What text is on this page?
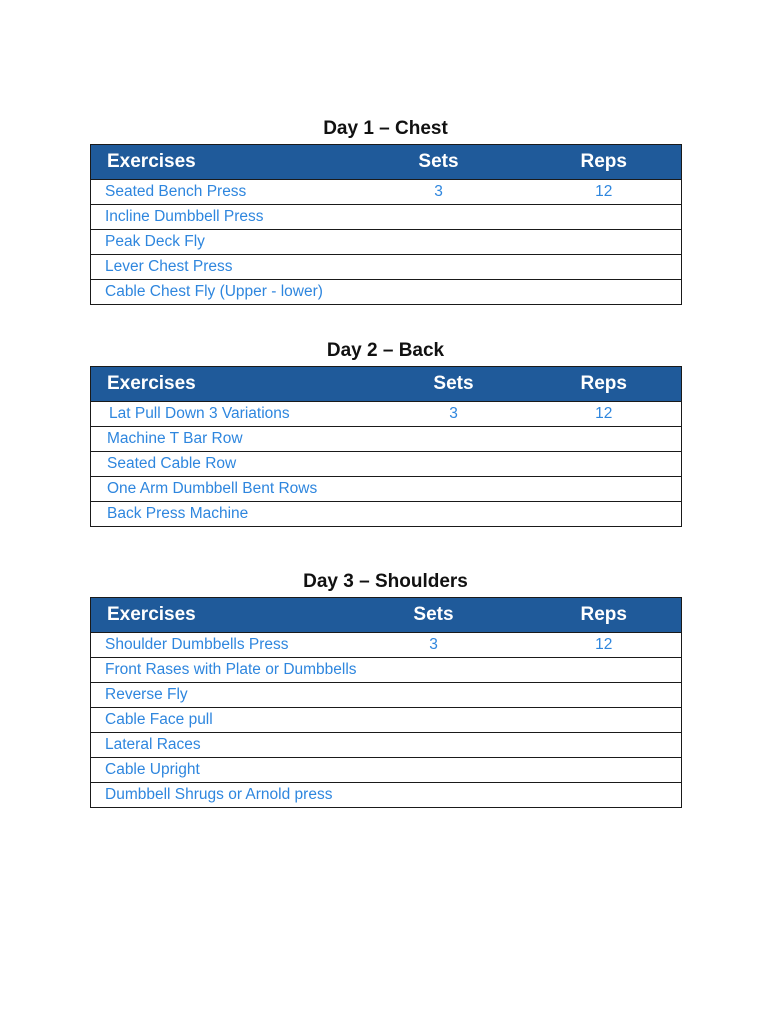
Day 1 – Chest
Exercises	Sets	Reps
Seated Bench Press	3	12
Incline Dumbbell Press		
Peak Deck Fly		
Lever Chest Press		
Cable Chest Fly (Upper - lower)		
Day 2 – Back
Exercises	Sets	Reps
Lat Pull Down 3 Variations	3	12
Machine T Bar Row		
Seated Cable Row		
One Arm Dumbbell Bent Rows		
Back Press Machine		
Day 3 – Shoulders
Exercises	Sets	Reps
Shoulder Dumbbells Press	3	12
Front Rases with Plate or Dumbbells		
Reverse Fly		
Cable Face pull		
Lateral Races		
Cable Upright		
Dumbbell Shrugs or Arnold press		
